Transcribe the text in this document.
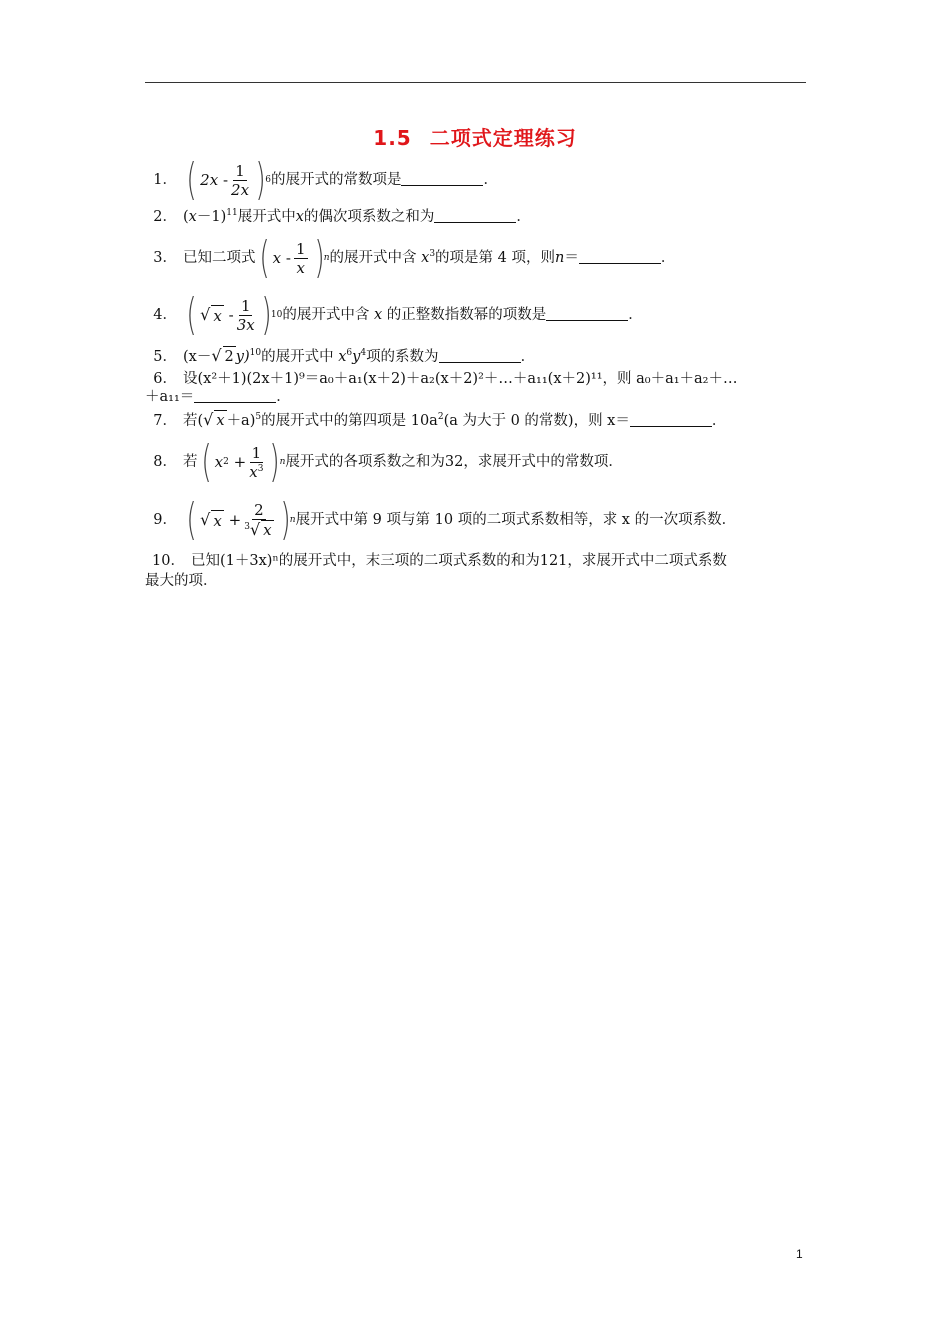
1.5 二项式定理练习
1． ( $2x - \frac{1}{2x}$ ) 6 的展开式的常数项是	．
2． $(x-1)^{11}$展开式中x的偶次项系数之和为	．
3． 已知二项式 ( x - $\frac{1}{x}$ ) n 的展开式中含 $x^3$的项是第 4 项，则n＝	．
4． ( √ x
- $\frac{1}{3x}$ ) 10 的展开式中含 x 的正整数指数幂的项数是	．
5． (x－√ 2 y)$^{10}$的展开式中 $x^6y^4$项的系数为	．
6． 设(x²＋1)(2x＋1)⁹＝a₀＋a₁(x＋2)＋a₂(x＋2)²＋…＋a₁₁(x＋2)¹¹，则 a₀＋a₁＋a₂＋…
＋a₁₁＝	．
7． 若(√ x ＋a)$^5$的展开式中的第四项是 $10a^2(a$ 为大于 0 的常数)，则 x＝	．
8． 若 ( x 2
+ $\frac{1}{x^3}$ ) n 展开式的各项系数之和为32，求展开式中的常数项．
9． ( √ x
+ $\frac{2}{^3√ x}$ ) n 展开式中第 9 项与第 10 项的二项式系数相等，求 x 的一次项系数．
10． 已知(1＋3x)ⁿ的展开式中，末三项的二项式系数的和为121，求展开式中二项式系数
最大的项．
1
